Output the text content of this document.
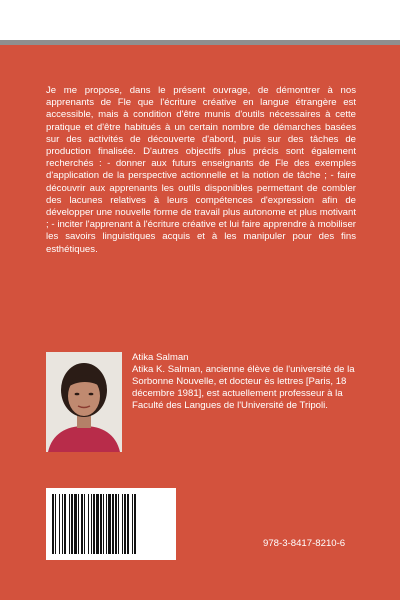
Je me propose, dans le présent ouvrage, de démontrer à nos apprenants de Fle que l'écriture créative en langue étrangère est accessible, mais à condition d'être munis d'outils nécessaires à cette pratique et d'être habitués à un certain nombre de démarches basées sur des activités de découverte d'abord, puis sur des tâches de production finalisée. D'autres objectifs plus précis sont également recherchés : - donner aux futurs enseignants de Fle des exemples d'application de la perspective actionnelle et la notion de tâche ; - faire découvrir aux apprenants les outils disponibles permettant de combler des lacunes relatives à leurs compétences d'expression afin de développer une nouvelle forme de travail plus autonome et plus motivant ; - inciter l'apprenant à l'écriture créative et lui faire apprendre à mobiliser les savoirs linguistiques acquis et à les manipuler pour des fins esthétiques.

Atika Salman

Atika K. Salman, ancienne élève de l'université de la Sorbonne Nouvelle, et docteur ès lettres [Paris, 18 décembre 1981], est actuellement professeur à la Faculté des Langues de l'Université de Tripoli.

978-3-8417-8210-6
